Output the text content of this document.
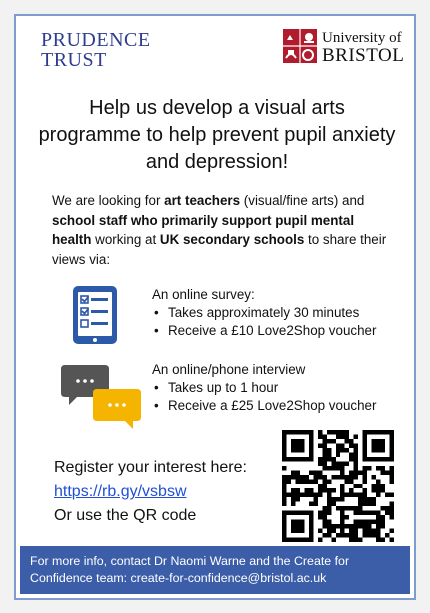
PRUDENCE
TRUST
University of
BRISTOL
Help us develop a visual arts programme to help prevent pupil anxiety and depression!
We are looking for art teachers (visual/fine arts) and school staff who primarily support pupil mental health working at UK secondary schools to share their views via:
An online survey:
• Takes approximately 30 minutes
• Receive a £10 Love2Shop voucher
An online/phone interview
• Takes up to 1 hour
• Receive a £25 Love2Shop voucher
Register your interest here:
https://rb.gy/vsbsw
Or use the QR code
For more info, contact Dr Naomi Warne and the Create for Confidence team: create-for-confidence@bristol.ac.uk
